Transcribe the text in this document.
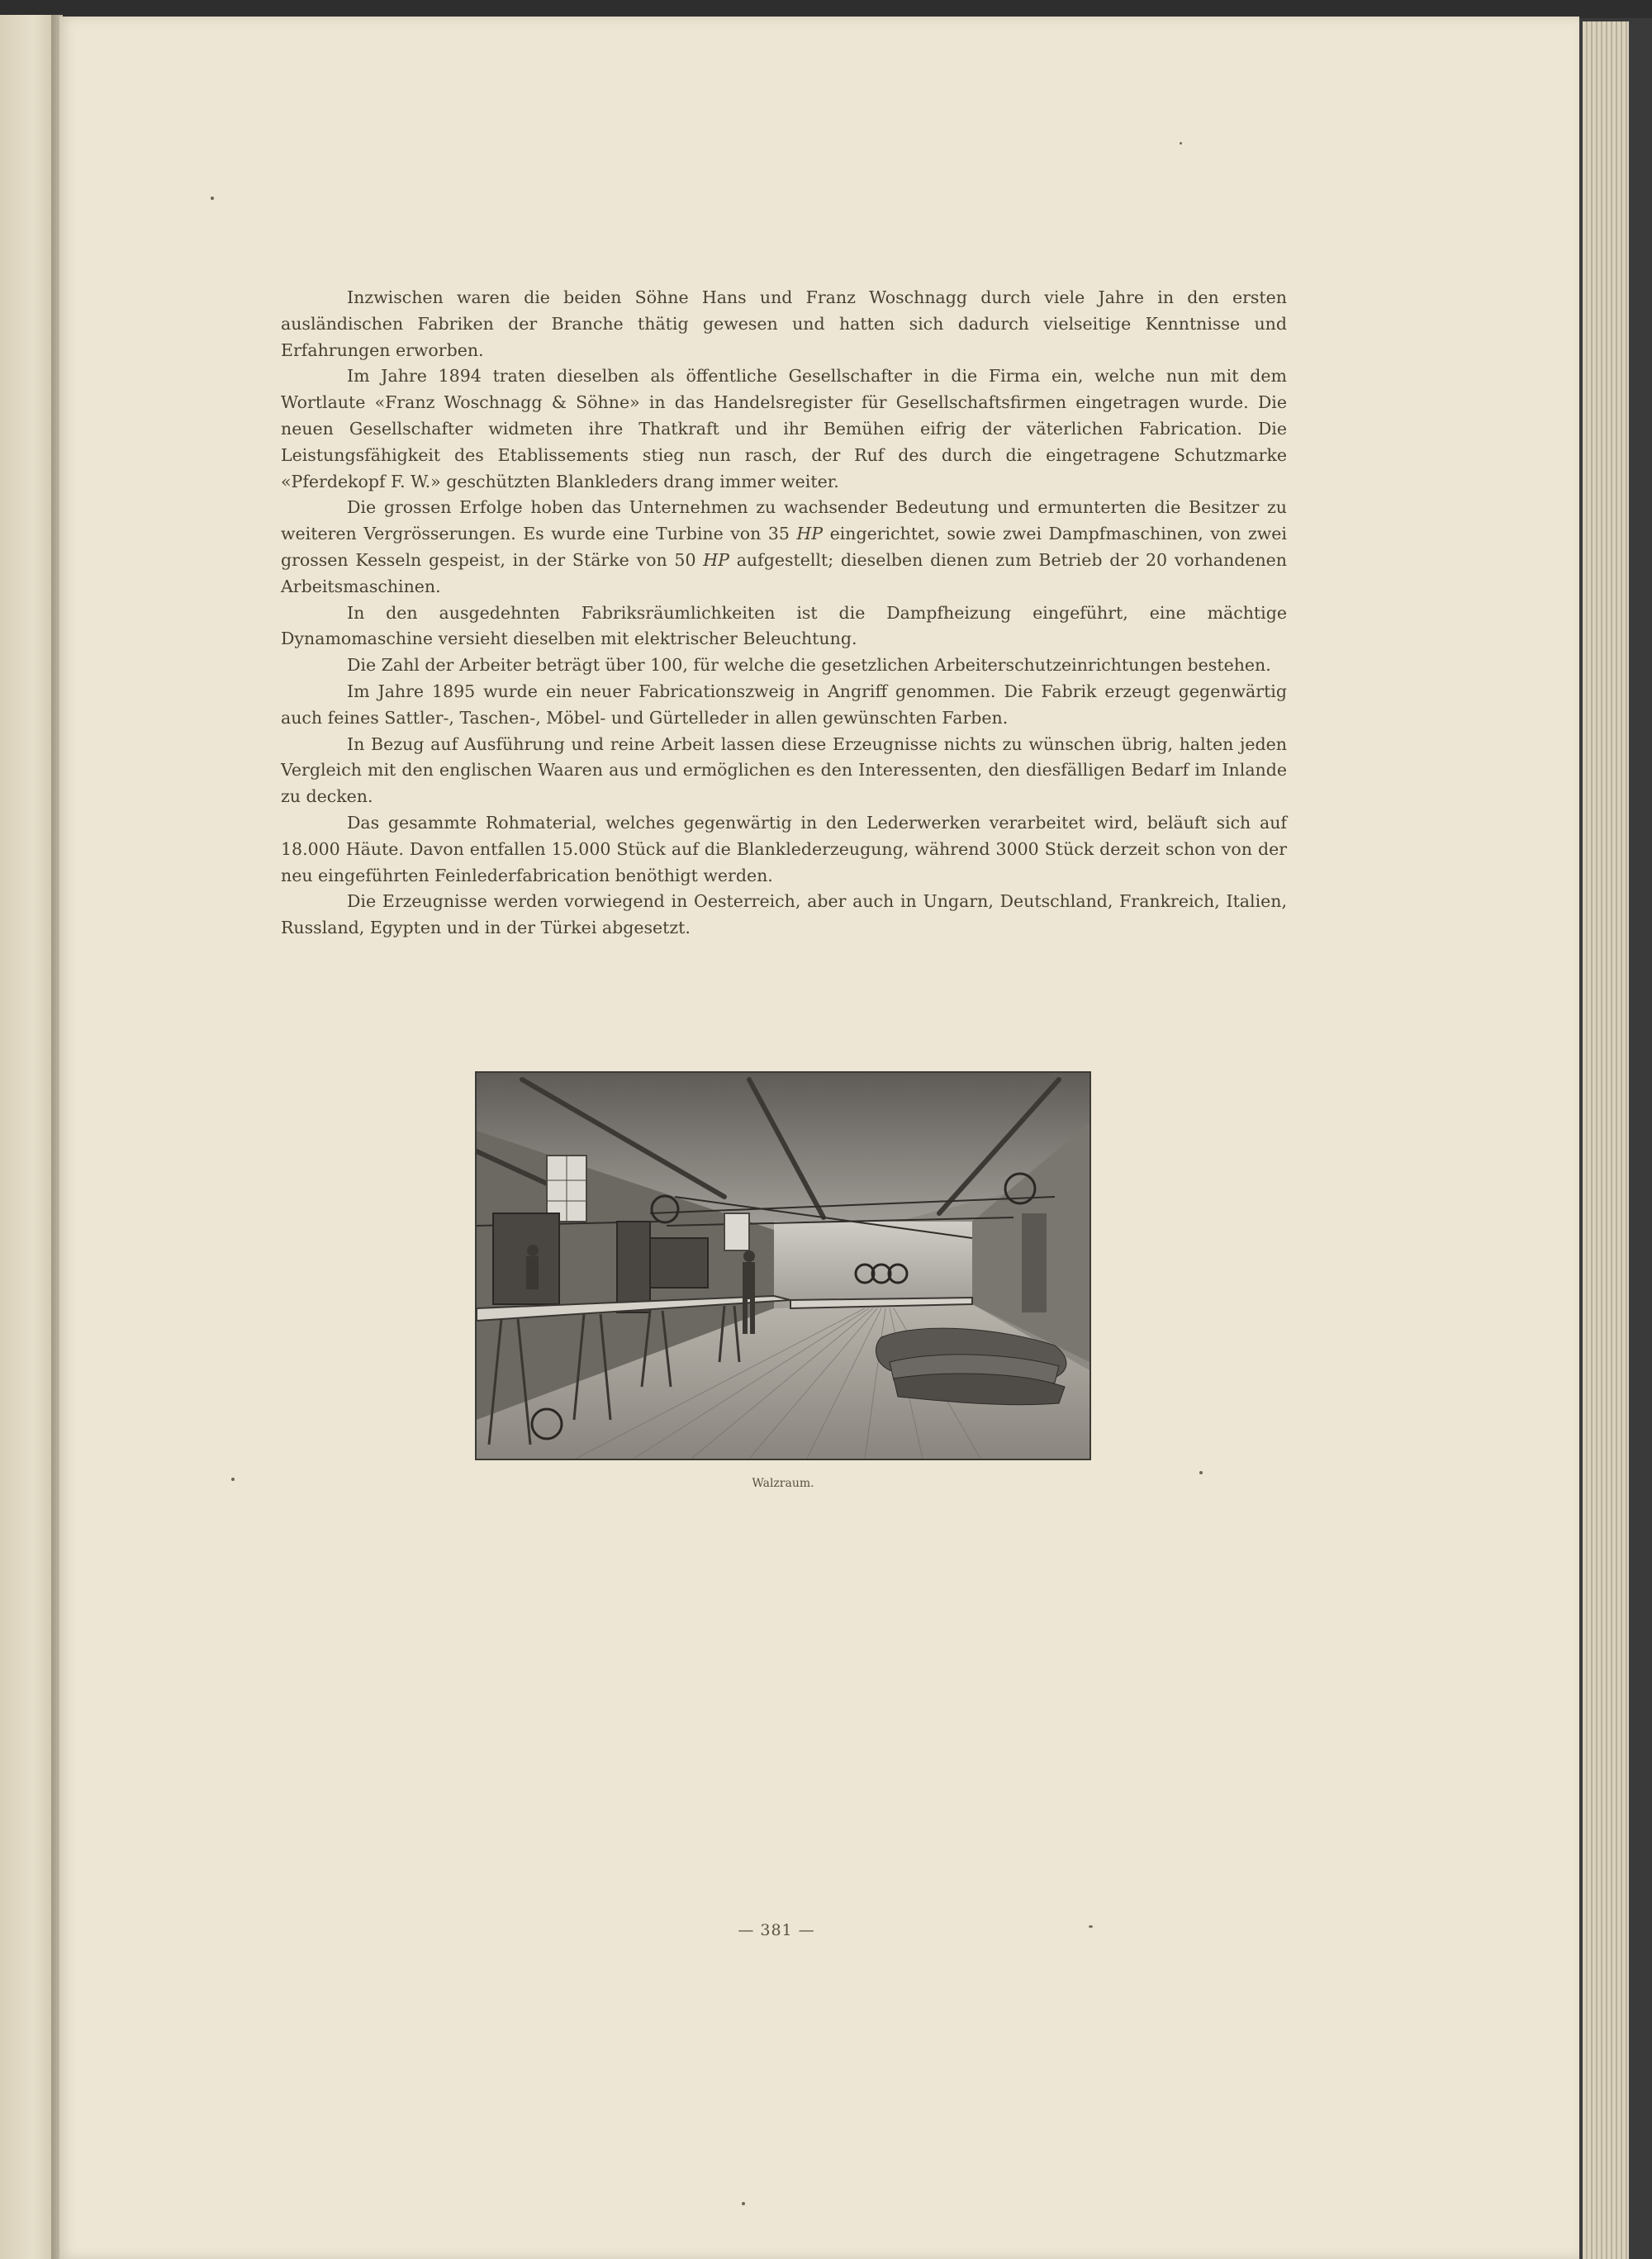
Inzwischen waren die beiden Söhne Hans und Franz Woschnagg durch viele Jahre in den ersten ausländischen Fabriken der Branche thätig gewesen und hatten sich dadurch vielseitige Kenntnisse und Erfahrungen erworben.

Im Jahre 1894 traten dieselben als öffentliche Gesellschafter in die Firma ein, welche nun mit dem Wortlaute «Franz Woschnagg & Söhne» in das Handelsregister für Gesellschaftsfirmen eingetragen wurde. Die neuen Gesellschafter widmeten ihre Thatkraft und ihr Bemühen eifrig der väterlichen Fabrication. Die Leistungsfähigkeit des Etablissements stieg nun rasch, der Ruf des durch die eingetragene Schutzmarke «Pferdekopf F. W.» geschützten Blankleders drang immer weiter.

Die grossen Erfolge hoben das Unternehmen zu wachsender Bedeutung und ermunterten die Besitzer zu weiteren Vergrösserungen. Es wurde eine Turbine von 35 HP eingerichtet, sowie zwei Dampfmaschinen, von zwei grossen Kesseln gespeist, in der Stärke von 50 HP aufgestellt; dieselben dienen zum Betrieb der 20 vorhandenen Arbeitsmaschinen.

In den ausgedehnten Fabriksräumlichkeiten ist die Dampfheizung eingeführt, eine mächtige Dynamomaschine versieht dieselben mit elektrischer Beleuchtung.

Die Zahl der Arbeiter beträgt über 100, für welche die gesetzlichen Arbeiterschutzeinrichtungen bestehen.

Im Jahre 1895 wurde ein neuer Fabricationszweig in Angriff genommen. Die Fabrik erzeugt gegenwärtig auch feines Sattler-, Taschen-, Möbel- und Gürtelleder in allen gewünschten Farben.

In Bezug auf Ausführung und reine Arbeit lassen diese Erzeugnisse nichts zu wünschen übrig, halten jeden Vergleich mit den englischen Waaren aus und ermöglichen es den Interessenten, den diesfälligen Bedarf im Inlande zu decken.

Das gesammte Rohmaterial, welches gegenwärtig in den Lederwerken verarbeitet wird, beläuft sich auf 18.000 Häute. Davon entfallen 15.000 Stück auf die Blanklederzeugung, während 3000 Stück derzeit schon von der neu eingeführten Feinlederfabrication benöthigt werden.

Die Erzeugnisse werden vorwiegend in Oesterreich, aber auch in Ungarn, Deutschland, Frankreich, Italien, Russland, Egypten und in der Türkei abgesetzt.

Walzraum.
— 381 —
